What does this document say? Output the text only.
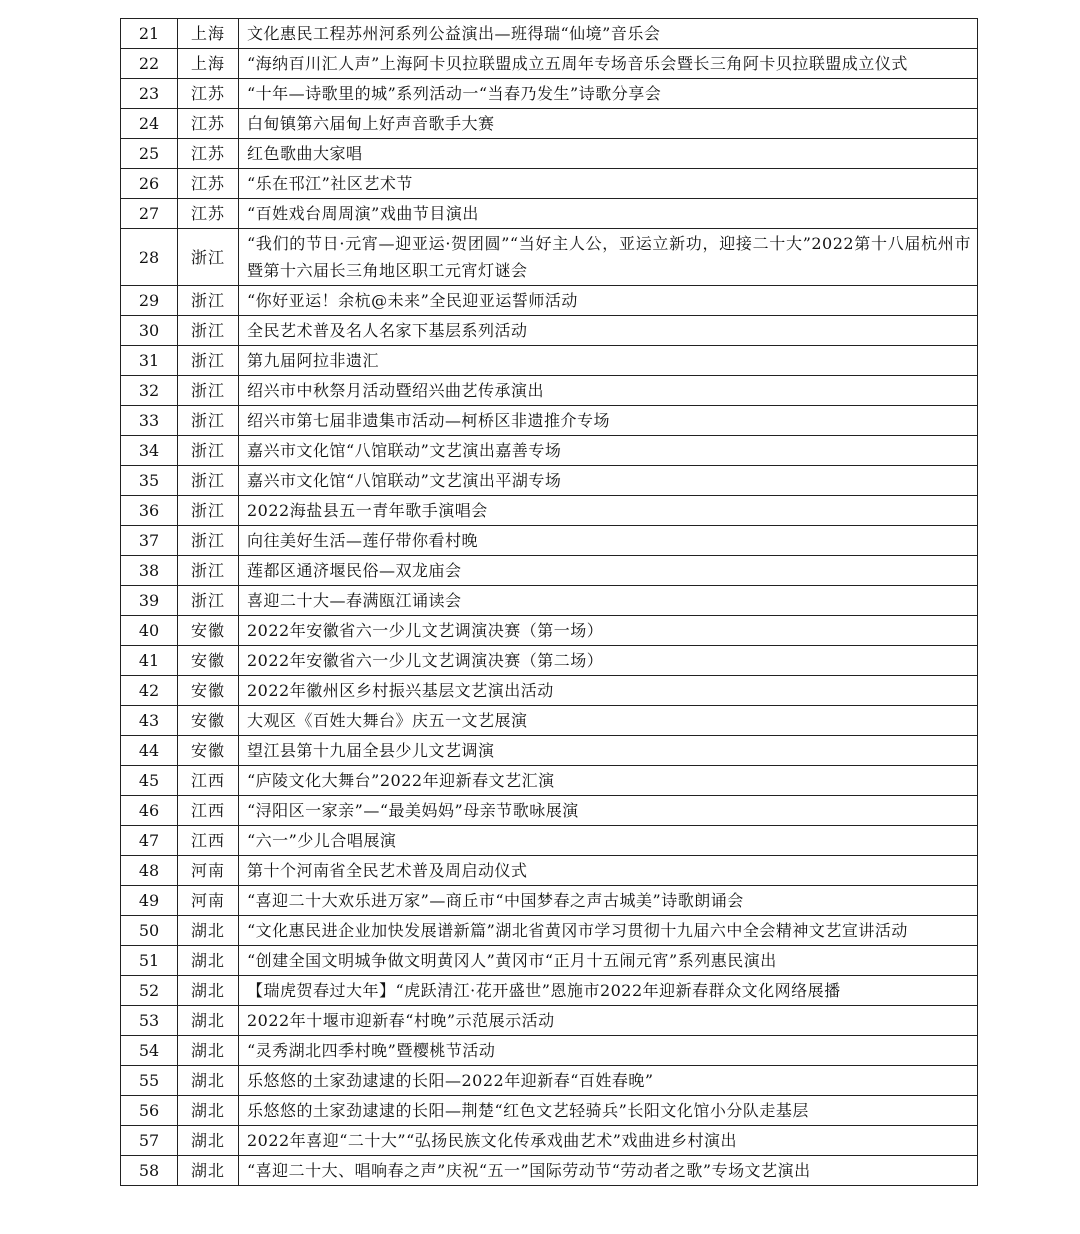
21	上海	文化惠民工程苏州河系列公益演出—班得瑞“仙境”音乐会
22	上海	“海纳百川汇人声”上海阿卡贝拉联盟成立五周年专场音乐会暨长三角阿卡贝拉联盟成立仪式
23	江苏	“十年—诗歌里的城”系列活动一“当春乃发生”诗歌分享会
24	江苏	白甸镇第六届甸上好声音歌手大赛
25	江苏	红色歌曲大家唱
26	江苏	“乐在邗江”社区艺术节
27	江苏	“百姓戏台周周演”戏曲节目演出
28	浙江	“我们的节日·元宵—迎亚运·贺团圆”“当好主人公，亚运立新功，迎接二十大”2022第十八届杭州市暨第十六届长三角地区职工元宵灯谜会
29	浙江	“你好亚运！余杭@未来”全民迎亚运誓师活动
30	浙江	全民艺术普及名人名家下基层系列活动
31	浙江	第九届阿拉非遗汇
32	浙江	绍兴市中秋祭月活动暨绍兴曲艺传承演出
33	浙江	绍兴市第七届非遗集市活动—柯桥区非遗推介专场
34	浙江	嘉兴市文化馆“八馆联动”文艺演出嘉善专场
35	浙江	嘉兴市文化馆“八馆联动”文艺演出平湖专场
36	浙江	2022海盐县五一青年歌手演唱会
37	浙江	向往美好生活—莲仔带你看村晚
38	浙江	莲都区通济堰民俗—双龙庙会
39	浙江	喜迎二十大—春满瓯江诵读会
40	安徽	2022年安徽省六一少儿文艺调演决赛（第一场）
41	安徽	2022年安徽省六一少儿文艺调演决赛（第二场）
42	安徽	2022年徽州区乡村振兴基层文艺演出活动
43	安徽	大观区《百姓大舞台》庆五一文艺展演
44	安徽	望江县第十九届全县少儿文艺调演
45	江西	“庐陵文化大舞台”2022年迎新春文艺汇演
46	江西	“浔阳区一家亲”—“最美妈妈”母亲节歌咏展演
47	江西	“六一”少儿合唱展演
48	河南	第十个河南省全民艺术普及周启动仪式
49	河南	“喜迎二十大欢乐进万家”—商丘市“中国梦春之声古城美”诗歌朗诵会
50	湖北	“文化惠民进企业加快发展谱新篇”湖北省黄冈市学习贯彻十九届六中全会精神文艺宣讲活动
51	湖北	“创建全国文明城争做文明黄冈人”黄冈市“正月十五闹元宵”系列惠民演出
52	湖北	【瑞虎贺春过大年】“虎跃清江·花开盛世”恩施市2022年迎新春群众文化网络展播
53	湖北	2022年十堰市迎新春“村晚”示范展示活动
54	湖北	“灵秀湖北四季村晚”暨樱桃节活动
55	湖北	乐悠悠的土家劲逮逮的长阳—2022年迎新春“百姓春晚”
56	湖北	乐悠悠的土家劲逮逮的长阳—荆楚“红色文艺轻骑兵”长阳文化馆小分队走基层
57	湖北	2022年喜迎“二十大”“弘扬民族文化传承戏曲艺术”戏曲进乡村演出
58	湖北	“喜迎二十大、唱响春之声”庆祝“五一”国际劳动节“劳动者之歌”专场文艺演出
